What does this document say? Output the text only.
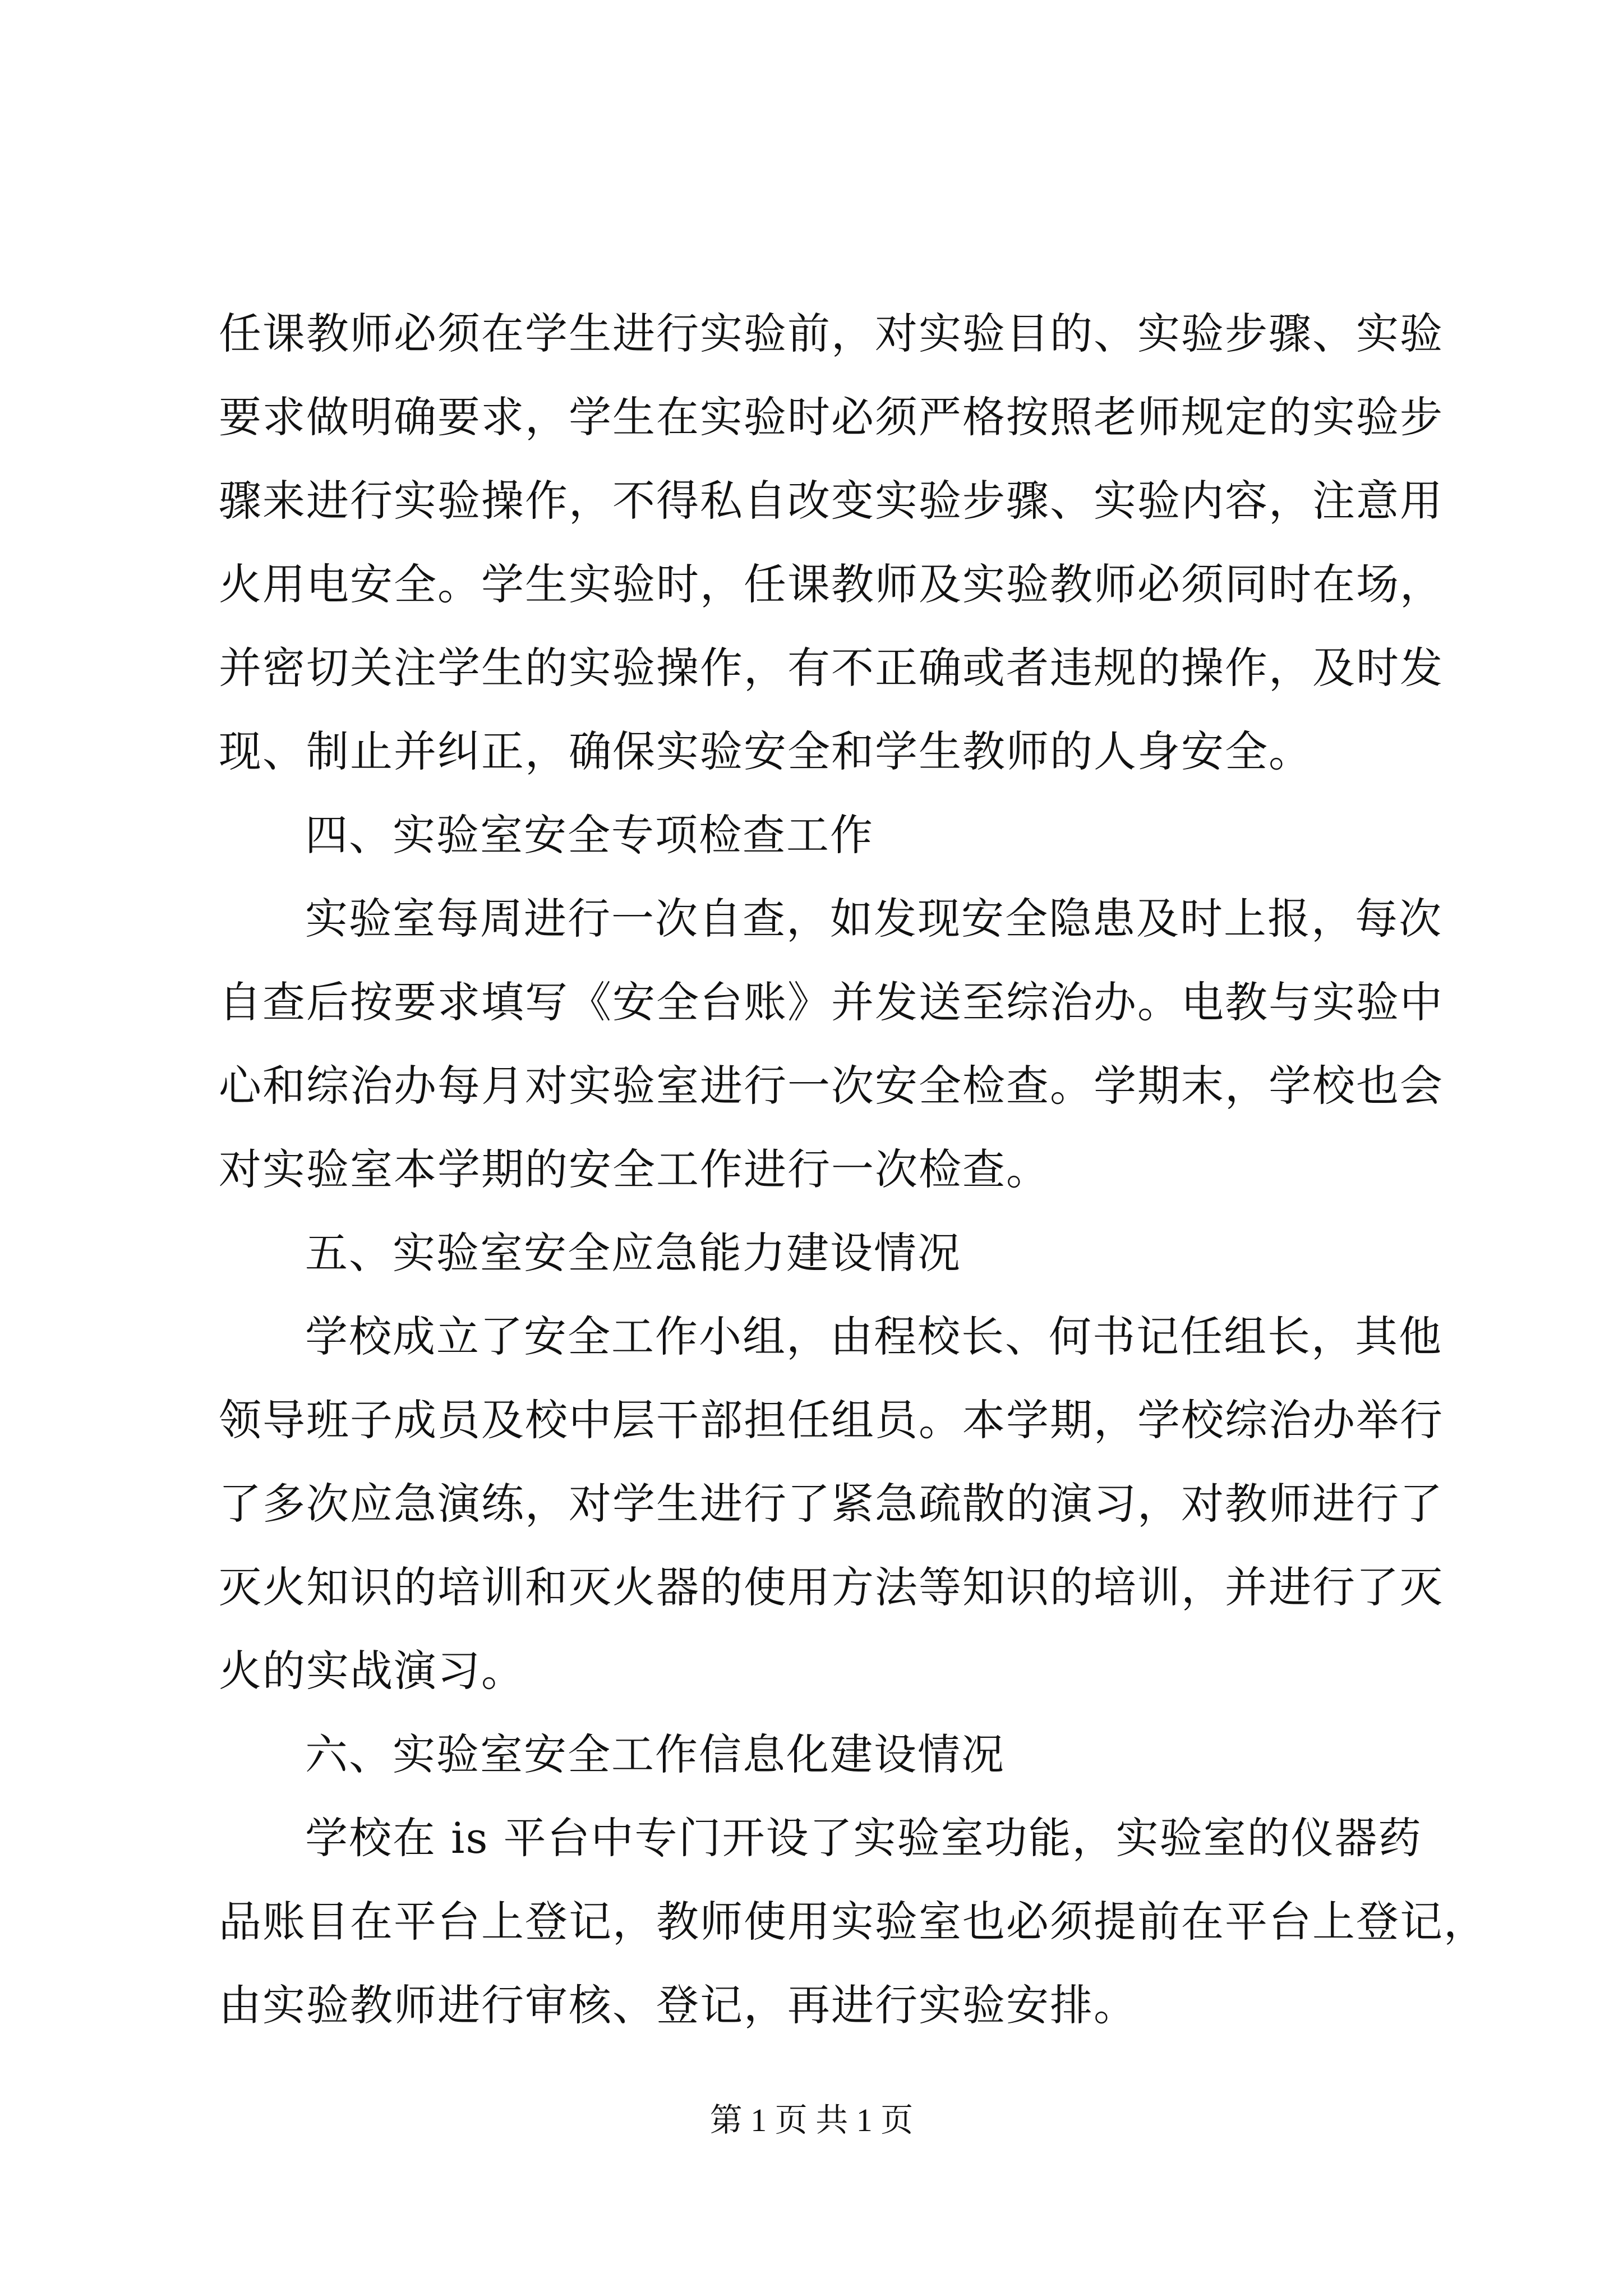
任课教师必须在学生进行实验前，对实验目的、实验步骤、实验
要求做明确要求，学生在实验时必须严格按照老师规定的实验步
骤来进行实验操作，不得私自改变实验步骤、实验内容，注意用
火用电安全。学生实验时，任课教师及实验教师必须同时在场，
并密切关注学生的实验操作，有不正确或者违规的操作，及时发
现、制止并纠正，确保实验安全和学生教师的人身安全。
四、实验室安全专项检查工作
实验室每周进行一次自查，如发现安全隐患及时上报，每次
自查后按要求填写《安全台账》并发送至综治办。电教与实验中
心和综治办每月对实验室进行一次安全检查。学期末，学校也会
对实验室本学期的安全工作进行一次检查。
五、实验室安全应急能力建设情况
学校成立了安全工作小组，由程校长、何书记任组长，其他
领导班子成员及校中层干部担任组员。本学期，学校综治办举行
了多次应急演练，对学生进行了紧急疏散的演习，对教师进行了
灭火知识的培训和灭火器的使用方法等知识的培训，并进行了灭
火的实战演习。
六、实验室安全工作信息化建设情况
学校在 is 平台中专门开设了实验室功能，实验室的仪器药
品账目在平台上登记，教师使用实验室也必须提前在平台上登记，
由实验教师进行审核、登记，再进行实验安排。
第 1 页 共 1 页
